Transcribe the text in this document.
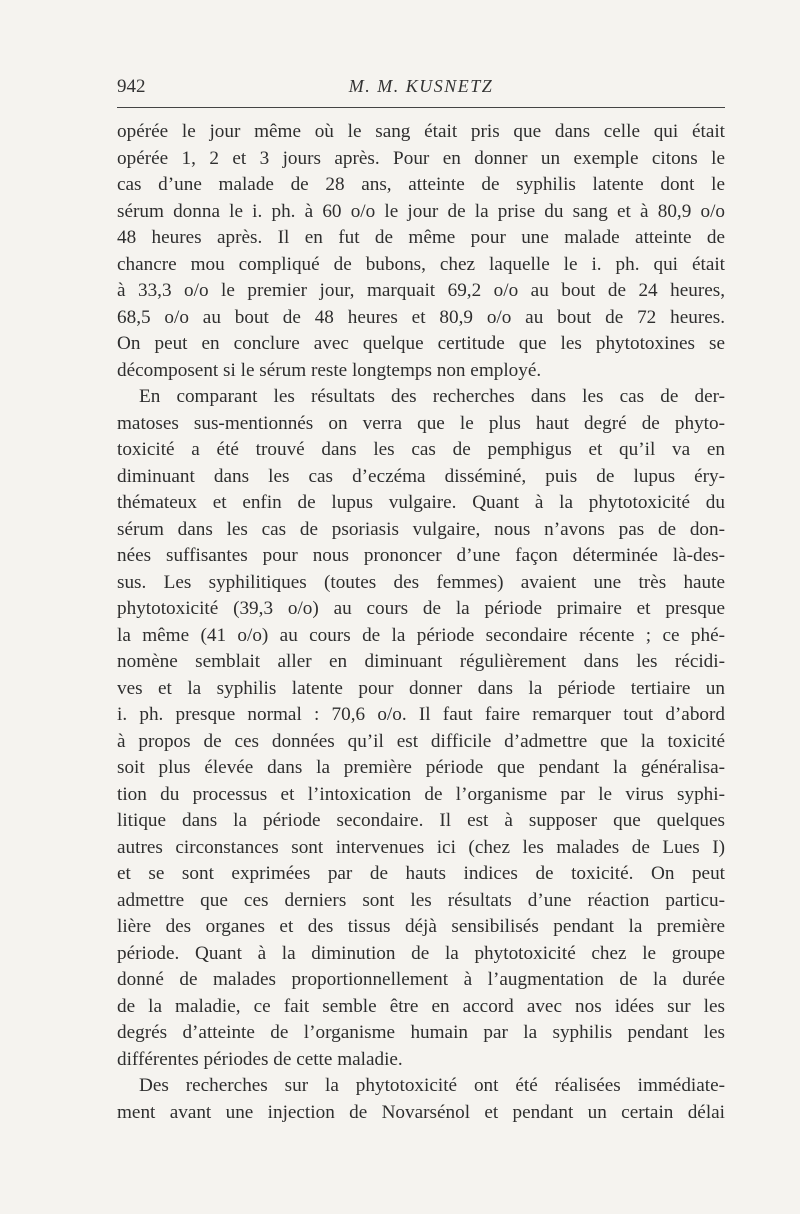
942	M. M. KUSNETZ
opérée le jour même où le sang était pris que dans celle qui était
opérée 1, 2 et 3 jours après. Pour en donner un exemple citons le
cas d’une malade de 28 ans, atteinte de syphilis latente dont le
sérum donna le i. ph. à 60 o/o le jour de la prise du sang et à 80,9 o/o
48 heures après. Il en fut de même pour une malade atteinte de
chancre mou compliqué de bubons, chez laquelle le i. ph. qui était
à 33,3 o/o le premier jour, marquait 69,2 o/o au bout de 24 heures,
68,5 o/o au bout de 48 heures et 80,9 o/o au bout de 72 heures.
On peut en conclure avec quelque certitude que les phytotoxines se
décomposent si le sérum reste longtemps non employé.
En comparant les résultats des recherches dans les cas de der-
matoses sus-mentionnés on verra que le plus haut degré de phyto-
toxicité a été trouvé dans les cas de pemphigus et qu’il va en
diminuant dans les cas d’eczéma disséminé, puis de lupus éry-
thémateux et enfin de lupus vulgaire. Quant à la phytotoxicité du
sérum dans les cas de psoriasis vulgaire, nous n’avons pas de don-
nées suffisantes pour nous prononcer d’une façon déterminée là-des-
sus. Les syphilitiques (toutes des femmes) avaient une très haute
phytotoxicité (39,3 o/o) au cours de la période primaire et presque
la même (41 o/o) au cours de la période secondaire récente ; ce phé-
nomène semblait aller en diminuant régulièrement dans les récidi-
ves et la syphilis latente pour donner dans la période tertiaire un
i. ph. presque normal : 70,6 o/o. Il faut faire remarquer tout d’abord
à propos de ces données qu’il est difficile d’admettre que la toxicité
soit plus élevée dans la première période que pendant la généralisa-
tion du processus et l’intoxication de l’organisme par le virus syphi-
litique dans la période secondaire. Il est à supposer que quelques
autres circonstances sont intervenues ici (chez les malades de Lues I)
et se sont exprimées par de hauts indices de toxicité. On peut
admettre que ces derniers sont les résultats d’une réaction particu-
lière des organes et des tissus déjà sensibilisés pendant la première
période. Quant à la diminution de la phytotoxicité chez le groupe
donné de malades proportionnellement à l’augmentation de la durée
de la maladie, ce fait semble être en accord avec nos idées sur les
degrés d’atteinte de l’organisme humain par la syphilis pendant les
différentes périodes de cette maladie.
Des recherches sur la phytotoxicité ont été réalisées immédiate-
ment avant une injection de Novarsénol et pendant un certain délai
